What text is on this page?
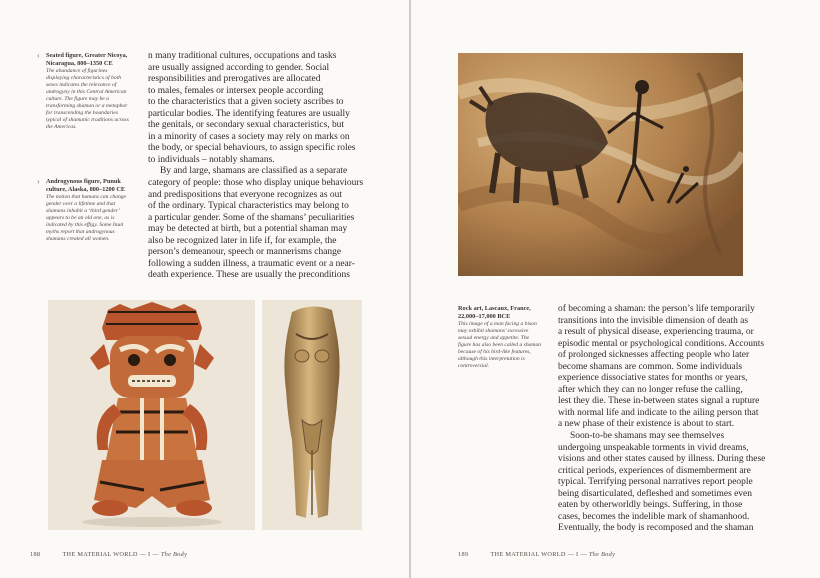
‹ Seated figure, Greater Nicoya, Nicaragua, 800–1350 CE
The abundance of figurines displaying characteristics of both sexes indicates the relevance of androgyny in this Central American culture. The figure may be a transforming shaman or a metaphor for transcending the boundaries typical of shamanic traditions across the Americas.
› Androgynous figure, Punuk culture, Alaska, 800–1200 CE
The notion that humans can change gender over a lifetime and that shamans inhabit a ‘third gender’ appears to be an old one, as is indicated by this effigy. Some Inuit myths report that androgynous shamans created all women.

n many traditional cultures, occupations and tasks
are usually assigned according to gender. Social
responsibilities and prerogatives are allocated
to males, females or intersex people according
to the characteristics that a given society ascribes to
particular bodies. The identifying features are usually
the genitals, or secondary sexual characteristics, but
in a minority of cases a society may rely on marks on
the body, or special behaviours, to assign specific roles
to individuals – notably shamans.

By and large, shamans are classified as a separate
category of people: those who display unique behaviours
and predispositions that everyone recognizes as out
of the ordinary. Typical characteristics may belong to
a particular gender. Some of the shamans’ peculiarities
may be detected at birth, but a potential shaman may
also be recognized later in life if, for example, the
person’s demeanour, speech or mannerisms change
following a sudden illness, a traumatic event or a near-
death experience. These are usually the preconditions

188	THE MATERIAL WORLD — I — The Body
Rock art, Lascaux, France, 22,000–17,000 BCE
This image of a man facing a bison may exhibit shamans’ excessive sexual energy and appetite. The figure has also been called a shaman because of his bird-like features, although this interpretation is controversial.

of becoming a shaman: the person’s life temporarily
transitions into the invisible dimension of death as
a result of physical disease, experiencing trauma, or
episodic mental or psychological conditions. Accounts
of prolonged sicknesses affecting people who later
become shamans are common. Some individuals
experience dissociative states for months or years,
after which they can no longer refuse the calling,
lest they die. These in-between states signal a rupture
with normal life and indicate to the ailing person that
a new phase of their existence is about to start.

Soon-to-be shamans may see themselves
undergoing unspeakable torments in vivid dreams,
visions and other states caused by illness. During these
critical periods, experiences of dismemberment are
typical. Terrifying personal narratives report people
being disarticulated, defleshed and sometimes even
eaten by otherworldly beings. Suffering, in those
cases, becomes the indelible mark of shamanhood.
Eventually, the body is recomposed and the shaman

189	THE MATERIAL WORLD — I — The Body
